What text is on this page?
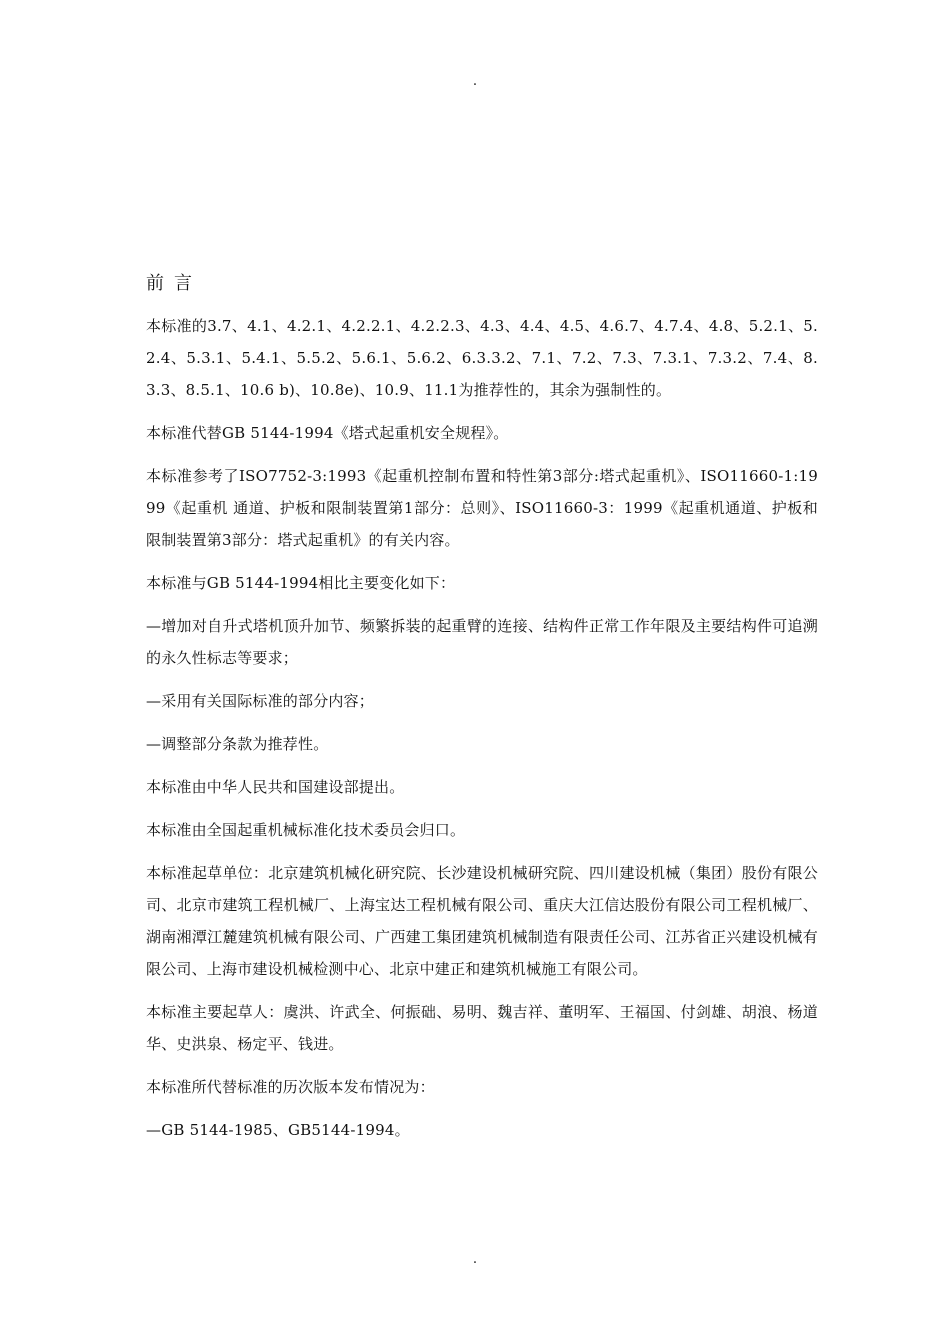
.
前言

本标准的3.7、4.1、4.2.1、4.2.2.1、4.2.2.3、4.3、4.4、4.5、4.6.7、4.7.4、4.8、5.2.1、5.2.4、5.3.1、5.4.1、5.5.2、5.6.1、5.6.2、6.3.3.2、7.1、7.2、7.3、7.3.1、7.3.2、7.4、8.3.3、8.5.1、10.6 b)、10.8e)、10.9、11.1为推荐性的，其余为强制性的。

本标准代替GB 5144-1994《塔式起重机安全规程》。

本标准参考了ISO7752-3:1993《起重机控制布置和特性第3部分:塔式起重机》、ISO11660-1:1999《起重机 通道、护板和限制装置第1部分：总则》、ISO11660-3：1999《起重机通道、护板和限制装置第3部分：塔式起重机》的有关内容。

本标准与GB 5144-1994相比主要变化如下：

—增加对自升式塔机顶升加节、频繁拆装的起重臂的连接、结构件正常工作年限及主要结构件可追溯的永久性标志等要求；

—采用有关国际标准的部分内容；

—调整部分条款为推荐性。

本标准由中华人民共和国建设部提出。

本标准由全国起重机械标准化技术委员会归口。

本标准起草单位：北京建筑机械化研究院、长沙建设机械研究院、四川建设机械（集团）股份有限公司、北京市建筑工程机械厂、上海宝达工程机械有限公司、重庆大江信达股份有限公司工程机械厂、湖南湘潭江麓建筑机械有限公司、广西建工集团建筑机械制造有限责任公司、江苏省正兴建设机械有限公司、上海市建设机械检测中心、北京中建正和建筑机械施工有限公司。

本标准主要起草人：虞洪、许武全、何振础、易明、魏吉祥、董明军、王福国、付剑雄、胡浪、杨道华、史洪泉、杨定平、钱进。

本标准所代替标准的历次版本发布情况为：

—GB 5144-1985、GB5144-1994。

.
